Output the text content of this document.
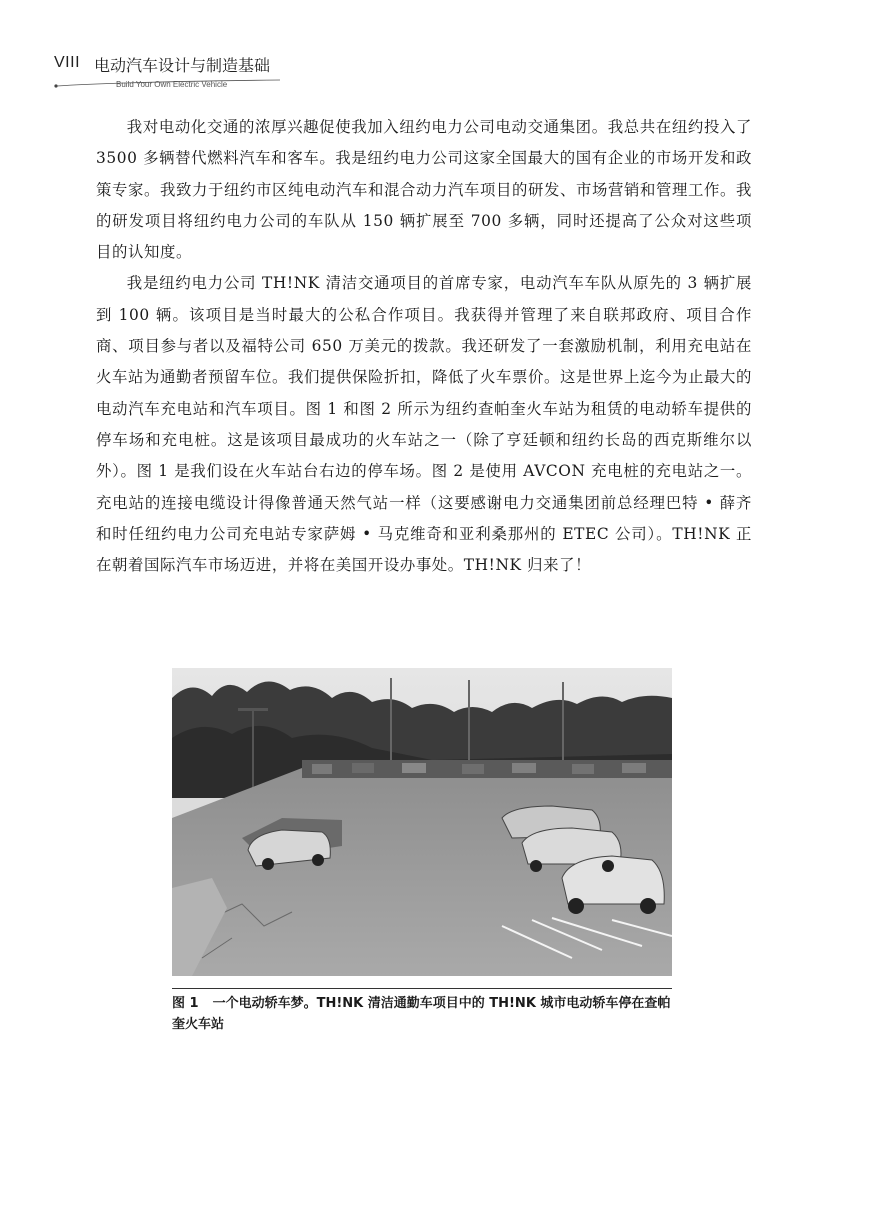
VIII 电动汽车设计与制造基础
Build Your Own Electric Vehicle

我对电动化交通的浓厚兴趣促使我加入纽约电力公司电动交通集团。我总共在纽约投入了 3500 多辆替代燃料汽车和客车。我是纽约电力公司这家全国最大的国有企业的市场开发和政策专家。我致力于纽约市区纯电动汽车和混合动力汽车项目的研发、市场营销和管理工作。我的研发项目将纽约电力公司的车队从 150 辆扩展至 700 多辆，同时还提高了公众对这些项目的认知度。

我是纽约电力公司 TH!NK 清洁交通项目的首席专家，电动汽车车队从原先的 3 辆扩展到 100 辆。该项目是当时最大的公私合作项目。我获得并管理了来自联邦政府、项目合作商、项目参与者以及福特公司 650 万美元的拨款。我还研发了一套激励机制，利用充电站在火车站为通勤者预留车位。我们提供保险折扣，降低了火车票价。这是世界上迄今为止最大的电动汽车充电站和汽车项目。图 1 和图 2 所示为纽约查帕奎火车站为租赁的电动轿车提供的停车场和充电桩。这是该项目最成功的火车站之一（除了亨廷顿和纽约长岛的西克斯维尔以外）。图 1 是我们设在火车站台右边的停车场。图 2 是使用 AVCON 充电桩的充电站之一。充电站的连接电缆设计得像普通天然气站一样（这要感谢电力交通集团前总经理巴特 • 薛齐和时任纽约电力公司充电站专家萨姆 • 马克维奇和亚利桑那州的 ETEC 公司）。TH!NK 正在朝着国际汽车市场迈进，并将在美国开设办事处。TH!NK 归来了！

图 1 一个电动轿车梦。TH!NK 清洁通勤车项目中的 TH!NK 城市电动轿车停在查帕奎火车站
